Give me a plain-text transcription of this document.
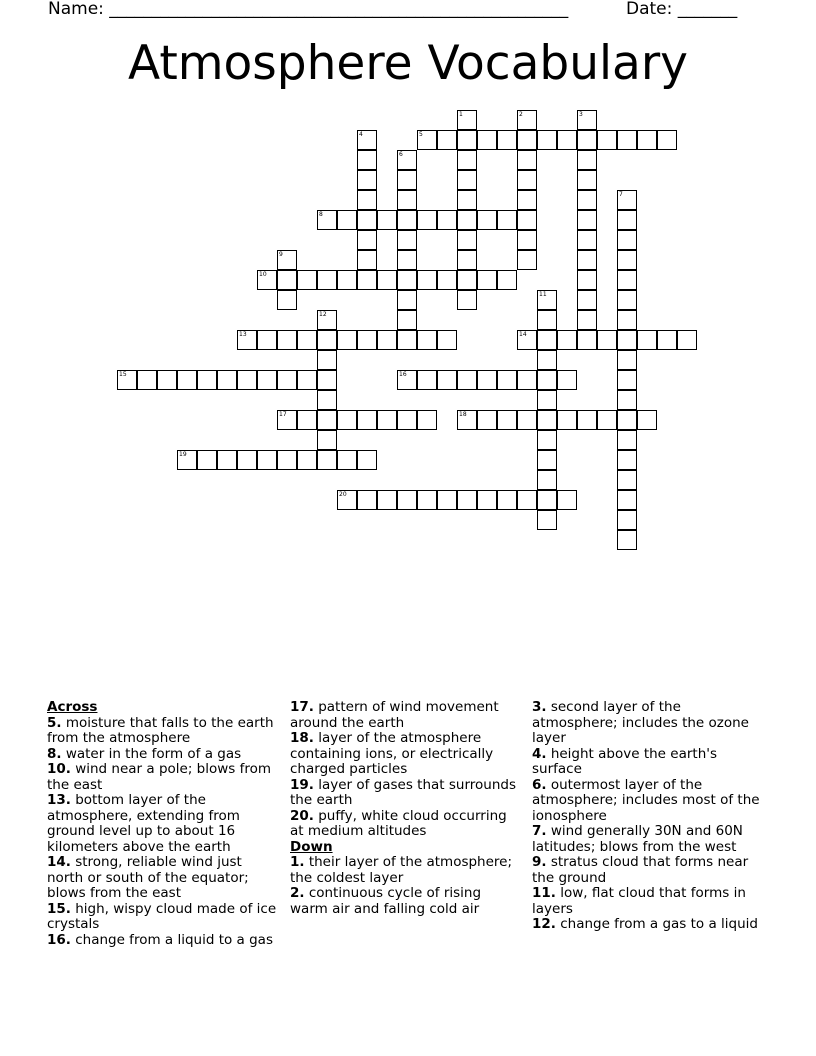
Name: ______________________________________________________	Date: _______
Atmosphere Vocabulary
1	2	3
4	5
6
7
8
9
10
11
12
13	14
15	16
17	18
19
20
Across
5. moisture that falls to the earth from the atmosphere
8. water in the form of a gas
10. wind near a pole; blows from the east
13. bottom layer of the atmosphere, extending from ground level up to about 16 kilometers above the earth
14. strong, reliable wind just north or south of the equator; blows from the east
15. high, wispy cloud made of ice crystals
16. change from a liquid to a gas
17. pattern of wind movement around the earth
18. layer of the atmosphere containing ions, or electrically charged particles
19. layer of gases that surrounds the earth
20. puffy, white cloud occurring at medium altitudes
Down
1. their layer of the atmosphere; the coldest layer
2. continuous cycle of rising warm air and falling cold air
3. second layer of the atmosphere; includes the ozone layer
4. height above the earth's surface
6. outermost layer of the atmosphere; includes most of the ionosphere
7. wind generally 30N and 60N latitudes; blows from the west
9. stratus cloud that forms near the ground
11. low, flat cloud that forms in layers
12. change from a gas to a liquid
